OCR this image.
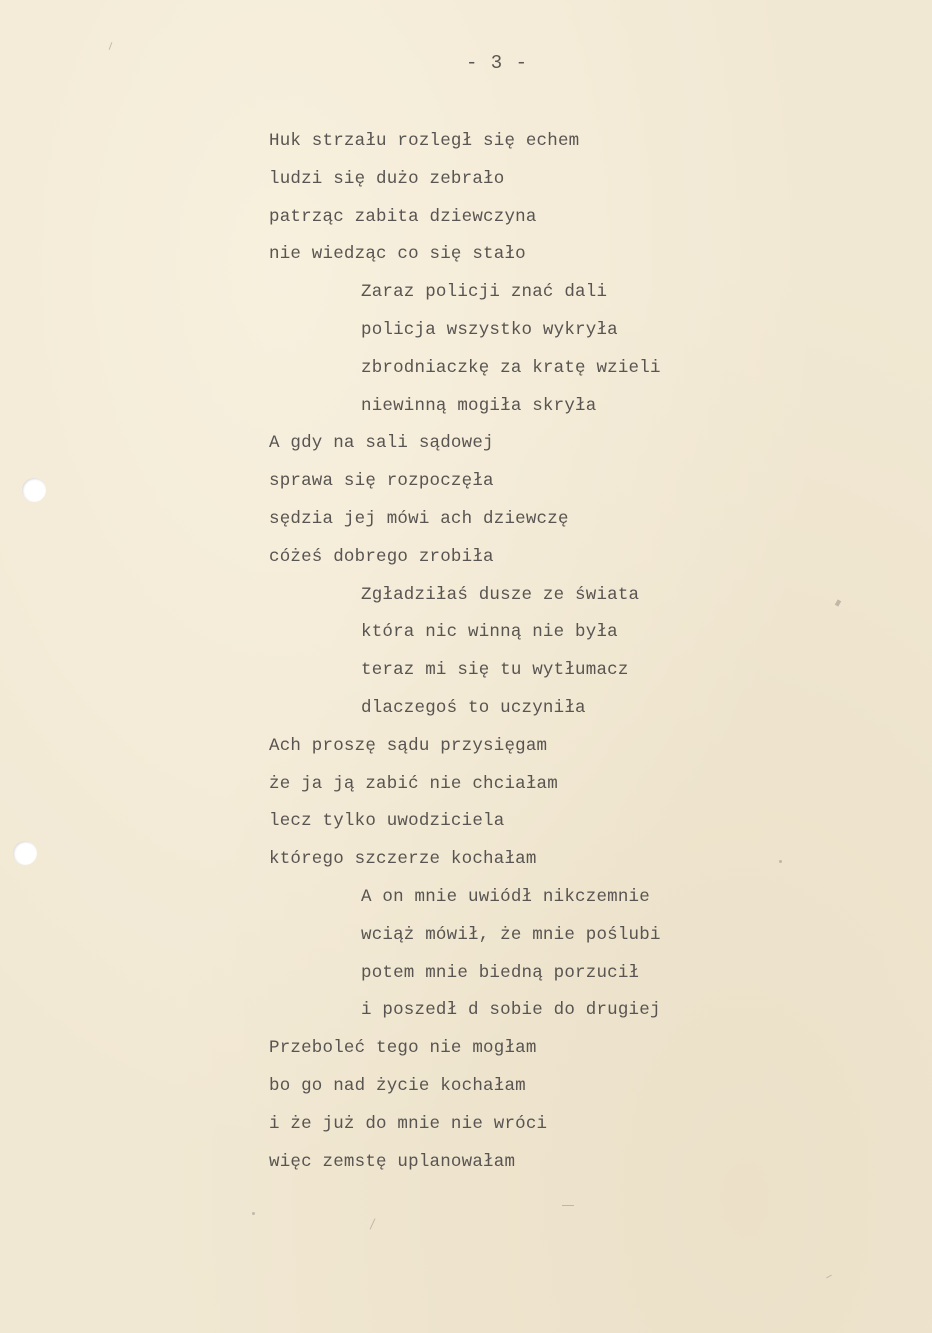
- 3 -
Huk strzału rozległ się echem
ludzi się dużo zebrało
patrząc zabita dziewczyna
nie wiedząc co się stało
Zaraz policji znać dali
policja wszystko wykryła
zbrodniaczkę za kratę wzieli
niewinną mogiła skryła
A gdy na sali sądowej
sprawa się rozpoczęła
sędzia jej mówi ach dziewczę
cóżeś dobrego zrobiła
Zgładziłaś dusze ze świata
która nic winną nie była
teraz mi się tu wytłumacz
dlaczegoś to uczyniła
Ach proszę sądu przysięgam
że ja ją zabić nie chciałam
lecz tylko uwodziciela
którego szczerze kochałam
A on mnie uwiódł nikczemnie
wciąż mówił, że mnie poślubi
potem mnie biedną porzucił
i poszedł d sobie do drugiej
Przeboleć tego nie mogłam
bo go nad życie kochałam
i że już do mnie nie wróci
więc zemstę uplanowałam
